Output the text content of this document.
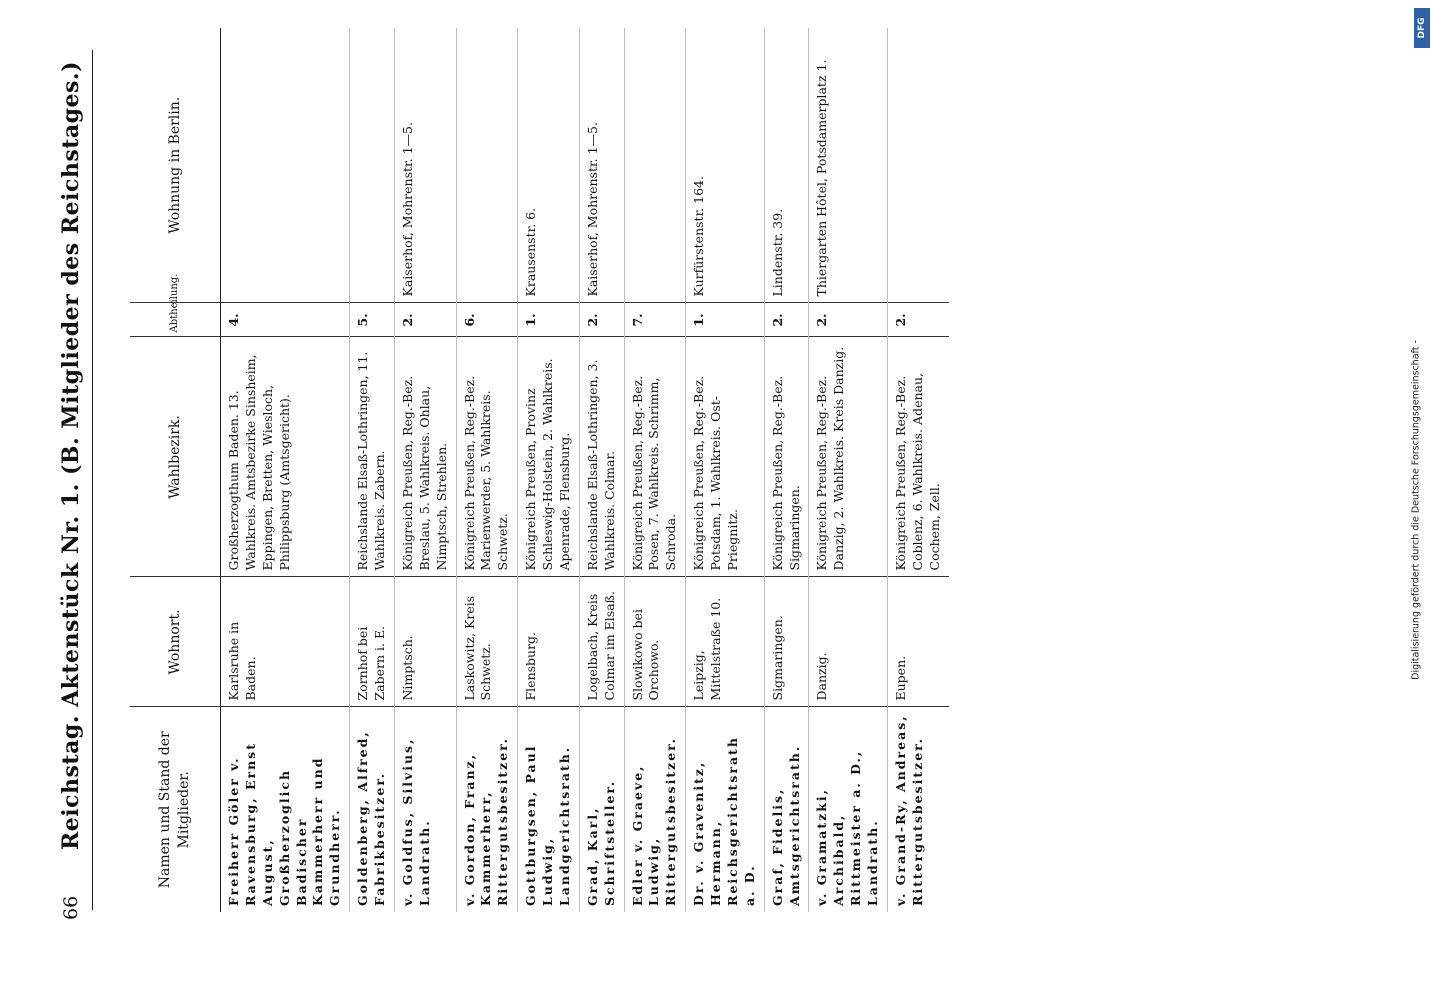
66
Reichstag. Aktenstück Nr. 1. (B. Mitglieder des Reichstages.)	Namen und Stand der Mitglieder.	Wohnort.	Wahlbezirk.	Abtheilung.	Wohnung in Berlin.
Freiherr Göler v. Ravensburg, Ernst August, Großherzoglich Badischer Kammerherr und Grundherr.	Karlsruhe in Baden.	Großherzogthum Baden. 13. Wahlkreis. Amtsbezirke Sinsheim, Eppingen, Bretten, Wiesloch, Philippsburg (Amtsgericht).	4.	
Goldenberg, Alfred, Fabrikbesitzer.	Zornhof bei Zabern i. E.	Reichslande Elsaß-Lothringen, 11. Wahlkreis. Zabern.	5.	
v. Goldfus, Silvius, Landrath.	Nimptsch.	Königreich Preußen, Reg.-Bez. Breslau, 5. Wahlkreis. Ohlau, Nimptsch, Strehlen.	2.	Kaiserhof, Mohrenstr. 1—5.
v. Gordon, Franz, Kammerherr, Rittergutsbesitzer.	Laskowitz, Kreis Schwetz.	Königreich Preußen, Reg.-Bez. Marienwerder, 5. Wahlkreis. Schwetz.	6.	
Gottburgsen, Paul Ludwig, Landgerichtsrath.	Flensburg.	Königreich Preußen, Provinz Schleswig-Holstein, 2. Wahlkreis. Apenrade, Flensburg.	1.	Krausenstr. 6.
Grad, Karl, Schriftsteller.	Logelbach, Kreis Colmar im Elsaß.	Reichslande Elsaß-Lothringen, 3. Wahlkreis. Colmar.	2.	Kaiserhof, Mohrenstr. 1—5.
Edler v. Graeve, Ludwig, Rittergutsbesitzer.	Slowikowo bei Orchowo.	Königreich Preußen, Reg.-Bez. Posen, 7. Wahlkreis. Schrimm, Schroda.	7.	
Dr. v. Gravenitz, Hermann, Reichsgerichtsrath a. D.	Leipzig, Mittelstraße 10.	Königreich Preußen, Reg.-Bez. Potsdam, 1. Wahlkreis. Ost-Priegnitz.	1.	Kurfürstenstr. 164.
Graf, Fidelis, Amtsgerichtsrath.	Sigmaringen.	Königreich Preußen, Reg.-Bez. Sigmaringen.	2.	Lindenstr. 39.
v. Gramatzki, Archibald, Rittmeister a. D., Landrath.	Danzig.	Königreich Preußen, Reg.-Bez. Danzig, 2. Wahlkreis. Kreis Danzig.	2.	Thiergarten Hôtel, Potsdamerplatz 1.
v. Grand-Ry, Andreas, Rittergutsbesitzer.	Eupen.	Königreich Preußen, Reg.-Bez. Coblenz, 6. Wahlkreis. Adenau, Cochem, Zell.	2.	
Digitalisierung gefördert durch die Deutsche Forschungsgemeinschaft -
DFG
